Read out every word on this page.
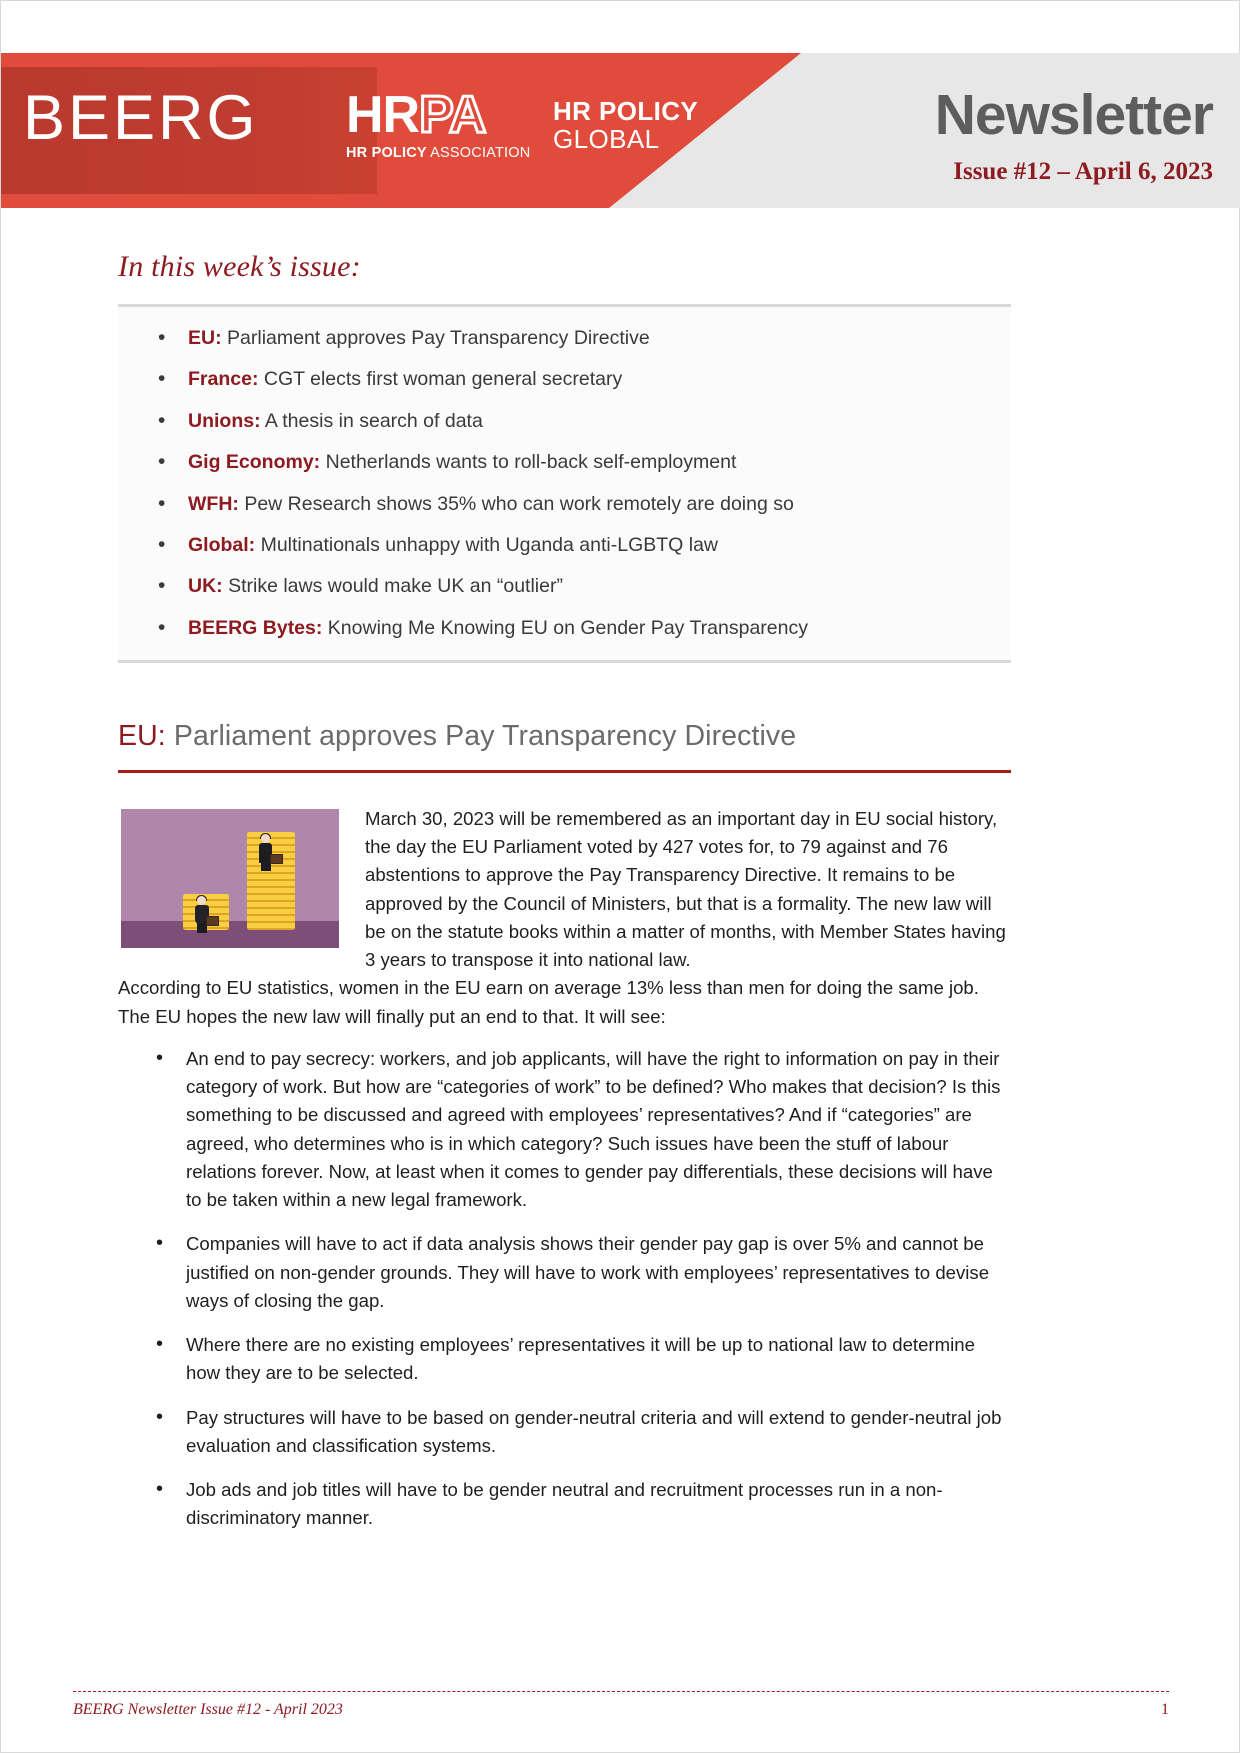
BEERG HRPA
HR POLICY ASSOCIATION
HR POLICY
GLOBAL	Newsletter
Issue #12 – April 6, 2023
In this week’s issue:
• EU: Parliament approves Pay Transparency Directive
• France: CGT elects first woman general secretary
• Unions: A thesis in search of data
• Gig Economy: Netherlands wants to roll-back self-employment
• WFH: Pew Research shows 35% who can work remotely are doing so
• Global: Multinationals unhappy with Uganda anti-LGBTQ law
• UK: Strike laws would make UK an “outlier”
• BEERG Bytes: Knowing Me Knowing EU on Gender Pay Transparency
EU: Parliament approves Pay Transparency Directive

March 30, 2023 will be remembered as an important day in EU social history, the day the EU Parliament voted by 427 votes for, to 79 against and 76 abstentions to approve the Pay Transparency Directive. It remains to be approved by the Council of Ministers, but that is a formality. The new law will be on the statute books within a matter of months, with Member States having 3 years to transpose it into national law.

According to EU statistics, women in the EU earn on average 13% less than men for doing the same job. The EU hopes the new law will finally put an end to that. It will see:

• An end to pay secrecy: workers, and job applicants, will have the right to information on pay in their category of work. But how are “categories of work” to be defined? Who makes that decision? Is this something to be discussed and agreed with employees’ representatives? And if “categories” are agreed, who determines who is in which category? Such issues have been the stuff of labour relations forever. Now, at least when it comes to gender pay differentials, these decisions will have to be taken within a new legal framework.
• Companies will have to act if data analysis shows their gender pay gap is over 5% and cannot be justified on non-gender grounds. They will have to work with employees’ representatives to devise ways of closing the gap.
• Where there are no existing employees’ representatives it will be up to national law to determine how they are to be selected.
• Pay structures will have to be based on gender-neutral criteria and will extend to gender-neutral job evaluation and classification systems.
• Job ads and job titles will have to be gender neutral and recruitment processes run in a non-discriminatory manner.
BEERG Newsletter Issue #12 - April 2023	1
